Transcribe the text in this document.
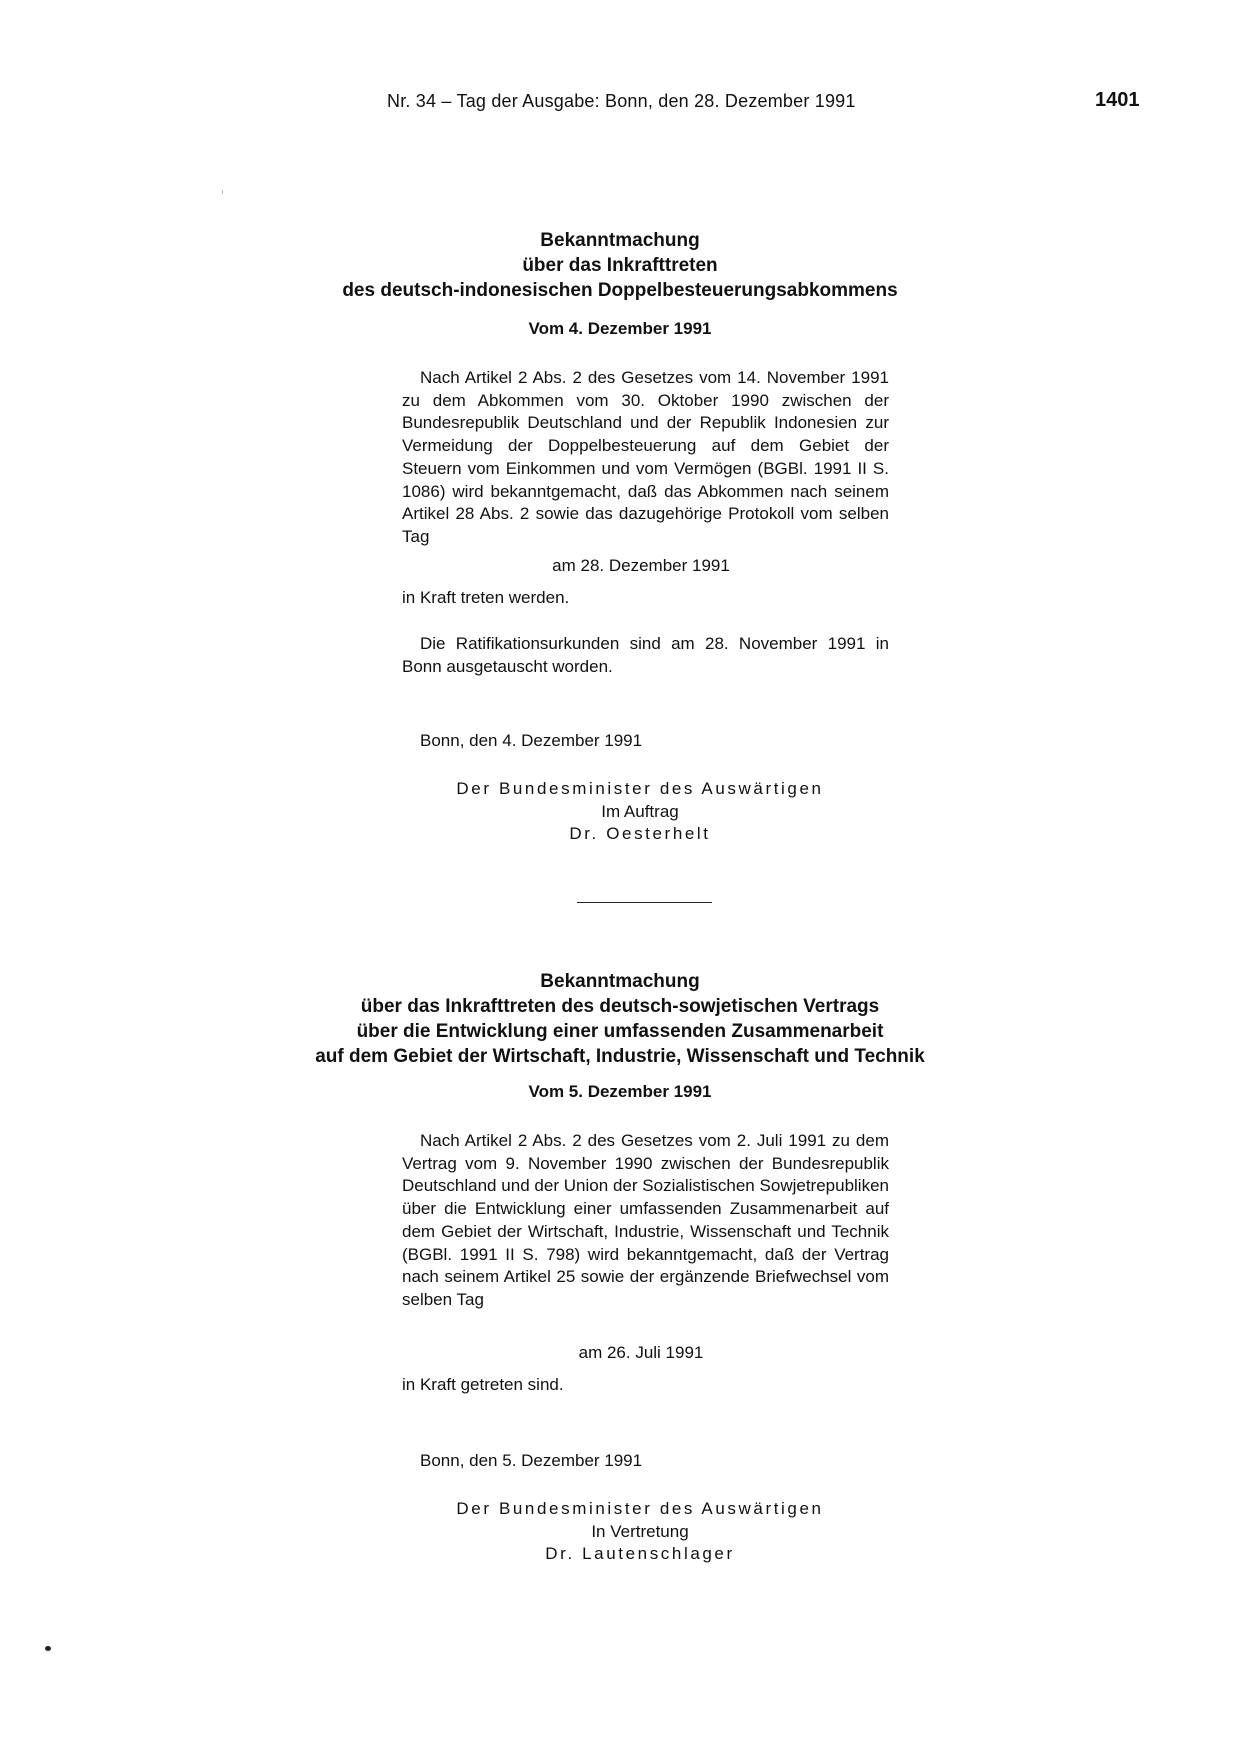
Nr. 34 – Tag der Ausgabe: Bonn, den 28. Dezember 1991	1401
Bekanntmachung
über das Inkrafttreten
des deutsch-indonesischen Doppelbesteuerungsabkommens
Vom 4. Dezember 1991
Nach Artikel 2 Abs. 2 des Gesetzes vom 14. November 1991 zu dem Abkommen vom 30. Oktober 1990 zwischen der Bundesrepublik Deutschland und der Republik Indonesien zur Vermeidung der Doppelbesteuerung auf dem Gebiet der Steuern vom Einkommen und vom Vermögen (BGBl. 1991 II S. 1086) wird bekanntgemacht, daß das Abkommen nach seinem Artikel 28 Abs. 2 sowie das dazugehörige Protokoll vom selben Tag
am 28. Dezember 1991
in Kraft treten werden.
Die Ratifikationsurkunden sind am 28. November 1991 in Bonn ausgetauscht worden.
Bonn, den 4. Dezember 1991
Der Bundesminister des Auswärtigen
Im Auftrag
Dr. Oesterhelt
Bekanntmachung
über das Inkrafttreten des deutsch-sowjetischen Vertrags
über die Entwicklung einer umfassenden Zusammenarbeit
auf dem Gebiet der Wirtschaft, Industrie, Wissenschaft und Technik
Vom 5. Dezember 1991
Nach Artikel 2 Abs. 2 des Gesetzes vom 2. Juli 1991 zu dem Vertrag vom 9. November 1990 zwischen der Bundesrepublik Deutschland und der Union der Sozialistischen Sowjetrepubliken über die Entwicklung einer umfassenden Zusammenarbeit auf dem Gebiet der Wirtschaft, Industrie, Wissenschaft und Technik (BGBl. 1991 II S. 798) wird bekanntgemacht, daß der Vertrag nach seinem Artikel 25 sowie der ergänzende Briefwechsel vom selben Tag
am 26. Juli 1991
in Kraft getreten sind.
Bonn, den 5. Dezember 1991
Der Bundesminister des Auswärtigen
In Vertretung
Dr. Lautenschlager
